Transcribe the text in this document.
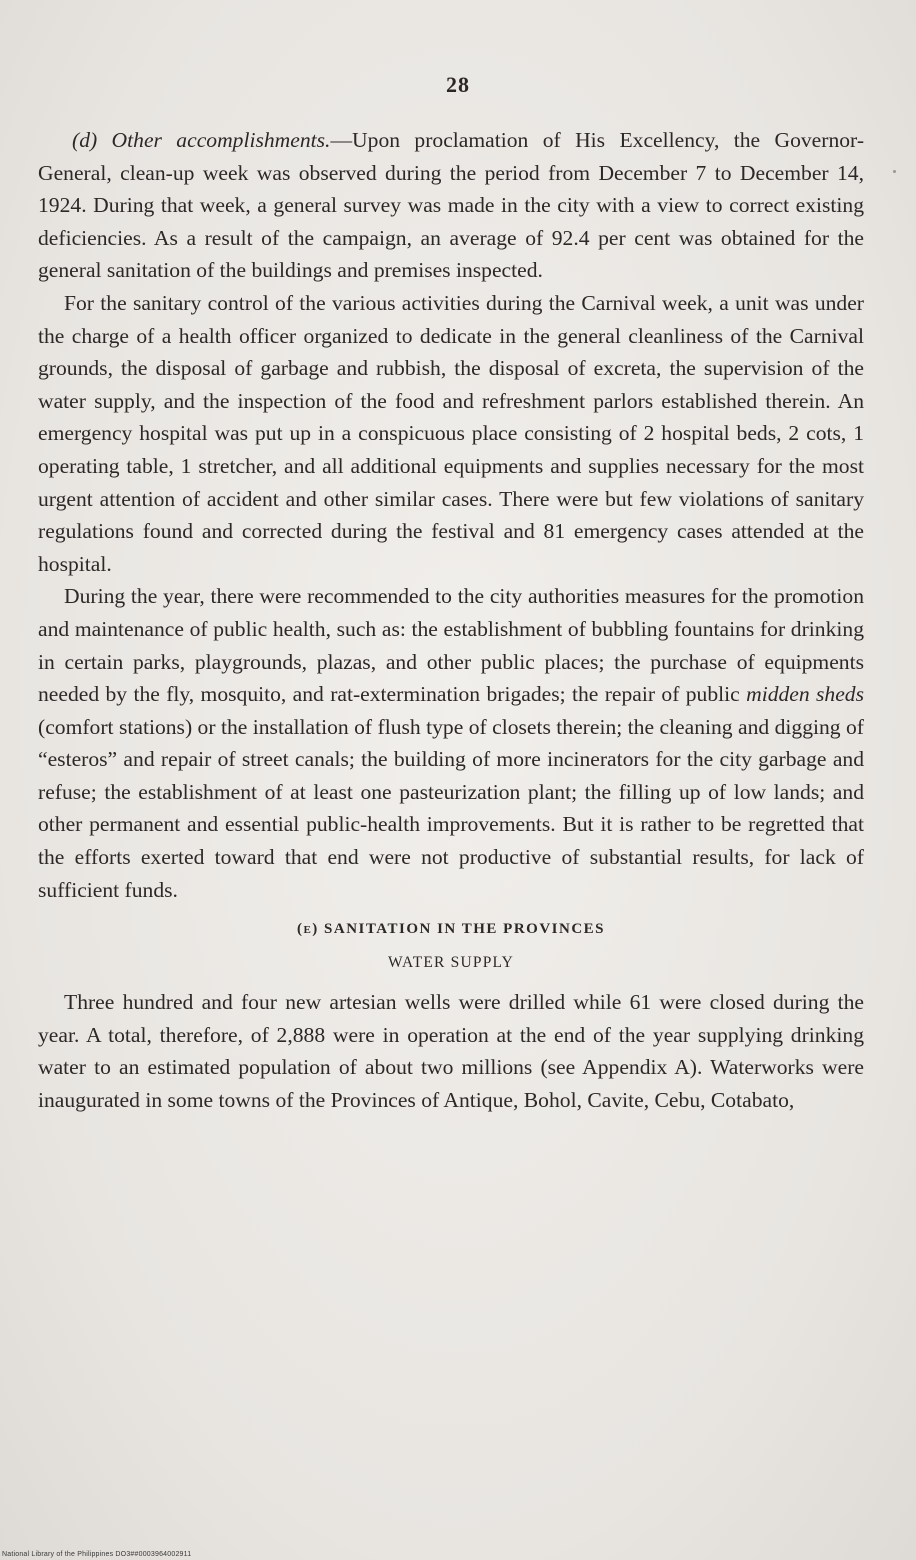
28

(d) Other accomplishments.—Upon proclamation of His Excellency, the Governor-General, clean-up week was observed during the period from December 7 to December 14, 1924. During that week, a general survey was made in the city with a view to correct existing deficiencies. As a result of the campaign, an average of 92.4 per cent was obtained for the general sanitation of the buildings and premises inspected.

For the sanitary control of the various activities during the Carnival week, a unit was under the charge of a health officer organized to dedicate in the general cleanliness of the Carnival grounds, the disposal of garbage and rubbish, the disposal of excreta, the supervision of the water supply, and the inspection of the food and refreshment parlors established therein. An emergency hospital was put up in a conspicuous place consisting of 2 hospital beds, 2 cots, 1 operating table, 1 stretcher, and all additional equipments and supplies necessary for the most urgent attention of accident and other similar cases. There were but few violations of sanitary regulations found and corrected during the festival and 81 emergency cases attended at the hospital.

During the year, there were recommended to the city authorities measures for the promotion and maintenance of public health, such as: the establishment of bubbling fountains for drinking in certain parks, playgrounds, plazas, and other public places; the purchase of equipments needed by the fly, mosquito, and rat-extermination brigades; the repair of public midden sheds (comfort stations) or the installation of flush type of closets therein; the cleaning and digging of “esteros” and repair of street canals; the building of more incinerators for the city garbage and refuse; the establishment of at least one pasteurization plant; the filling up of low lands; and other permanent and essential public-health improvements. But it is rather to be regretted that the efforts exerted toward that end were not productive of substantial results, for lack of sufficient funds.

(e) SANITATION IN THE PROVINCES
WATER SUPPLY

Three hundred and four new artesian wells were drilled while 61 were closed during the year. A total, therefore, of 2,888 were in operation at the end of the year supplying drinking water to an estimated population of about two millions (see Appendix A). Waterworks were inaugurated in some towns of the Provinces of Antique, Bohol, Cavite, Cebu, Cotabato,

National Library of the Philippines DO3##0003964002911
